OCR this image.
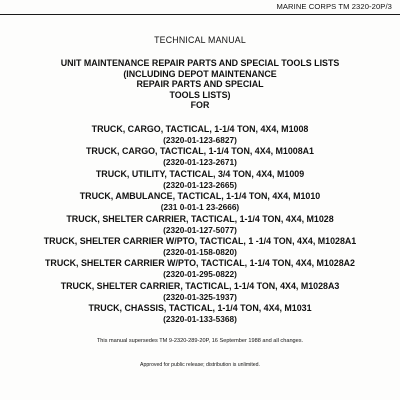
MARINE CORPS TM 2320-20P/3
TECHNICAL MANUAL
UNIT MAINTENANCE REPAIR PARTS AND SPECIAL TOOLS LISTS
(INCLUDING DEPOT MAINTENANCE
REPAIR PARTS AND SPECIAL
TOOLS LISTS)
FOR
TRUCK, CARGO, TACTICAL, 1-1/4 TON, 4X4, M1008
(2320-01-123-6827)
TRUCK, CARGO, TACTICAL, 1-1/4 TON, 4X4, M1008A1
(2320-01-123-2671)
TRUCK, UTILITY, TACTICAL, 3/4 TON, 4X4, M1009
(2320-01-123-2665)
TRUCK, AMBULANCE, TACTICAL, 1-1/4 TON, 4X4, M1010
(231 0-01-1 23-2666)
TRUCK, SHELTER CARRIER, TACTICAL, 1-1/4 TON, 4X4, M1028
(2320-01-127-5077)
TRUCK, SHELTER CARRIER W/PTO, TACTICAL, 1 -1/4 TON, 4X4, M1028A1
(2320-01-158-0820)
TRUCK, SHELTER CARRIER W/PTO, TACTICAL, 1-1/4 TON, 4X4, M1028A2
(2320-01-295-0822)
TRUCK, SHELTER CARRIER, TACTICAL, 1-1/4 TON, 4X4, M1028A3
(2320-01-325-1937)
TRUCK, CHASSIS, TACTICAL, 1-1/4 TON, 4X4, M1031
(2320-01-133-5368)
This manual supersedes TM 9-2320-289-20P, 16 September 1988 and all changes.
Approved for public release; distribution is unlimited.
